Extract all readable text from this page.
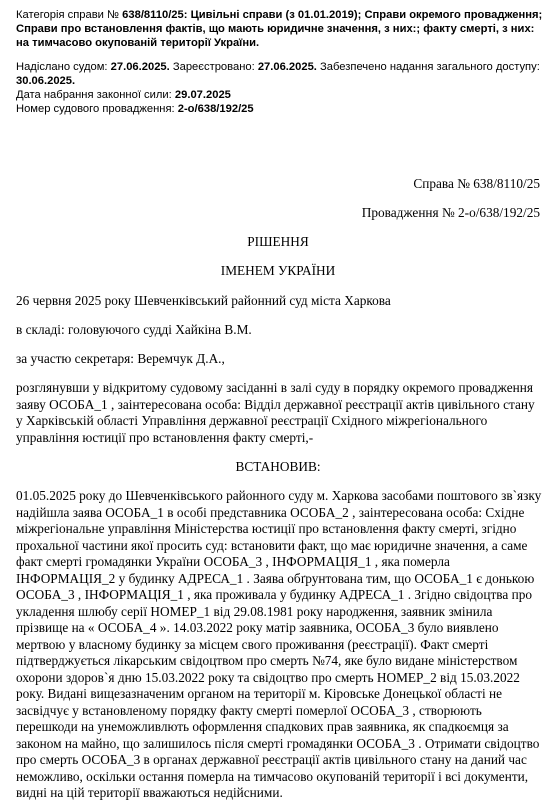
Категорія справи № 638/8110/25: Цивільні справи (з 01.01.2019); Справи окремого провадження; Справи про встановлення фактів, що мають юридичне значення, з них:; факту смерті, з них: на тимчасово окупованій території України.

Надіслано судом: 27.06.2025. Зареєстровано: 27.06.2025. Забезпечено надання загального доступу: 30.06.2025.

Дата набрання законної сили: 29.07.2025

Номер судового провадження: 2-о/638/192/25

Справа № 638/8110/25
Провадження № 2-о/638/192/25
РІШЕННЯ
ІМЕНЕМ УКРАЇНИ
26 червня 2025 року Шевченківський районний суд міста Харкова
в складі: головуючого судді Хайкіна В.М.
за участю секретаря: Веремчук Д.А.,
розглянувши у відкритому судовому засіданні в залі суду в порядку окремого провадження заяву ОСОБА_1 , заінтересована особа: Відділ державної реєстрації актів цивільного стану у Харківській області Управління державної реєстрації Східного міжрегіонального управління юстиції про встановлення факту смерті,-
ВСТАНОВИВ:
01.05.2025 року до Шевченківського районного суду м. Харкова засобами поштового зв`язку надійшла заява ОСОБА_1 в особі представника ОСОБА_2 , заінтересована особа: Східне міжрегіональне управління Міністерства юстиції про встановлення факту смерті, згідно прохальної частини якої просить суд: встановити факт, що має юридичне значення, а саме факт смерті громадянки України ОСОБА_3 , ІНФОРМАЦІЯ_1 , яка померла ІНФОРМАЦІЯ_2 у будинку АДРЕСА_1 . Заява обґрунтована тим, що ОСОБА_1 є донькою ОСОБА_3 , ІНФОРМАЦІЯ_1 , яка проживала у будинку АДРЕСА_1 . Згідно свідоцтва про укладення шлюбу серії НОМЕР_1 від 29.08.1981 року народження, заявник змінила прізвище на « ОСОБА_4 ». 14.03.2022 року матір заявника, ОСОБА_3 було виявлено мертвою у власному будинку за місцем свого проживання (реєстрації). Факт смерті підтверджується лікарським свідоцтвом про смерть №74, яке було видане міністерством охорони здоров`я дню 15.03.2022 року та свідоцтво про смерть НОМЕР_2 від 15.03.2022 року. Видані вищезазначеним органом на території м. Кіровське Донецької області не засвідчує у встановленому порядку факту смерті померлої ОСОБА_3 , створюють перешкоди на унеможливлють оформлення спадкових прав заявника, як спадкоємця за законом на майно, що залишилось після смерті громадянки ОСОБА_3 . Отримати свідоцтво про смерть ОСОБА_3 в органах державної реєстрації актів цивільного стану на даний час неможливо, оскільки остання померла на тимчасово окупованій території і всі документи, видні на цій території вважаються недійсними.
